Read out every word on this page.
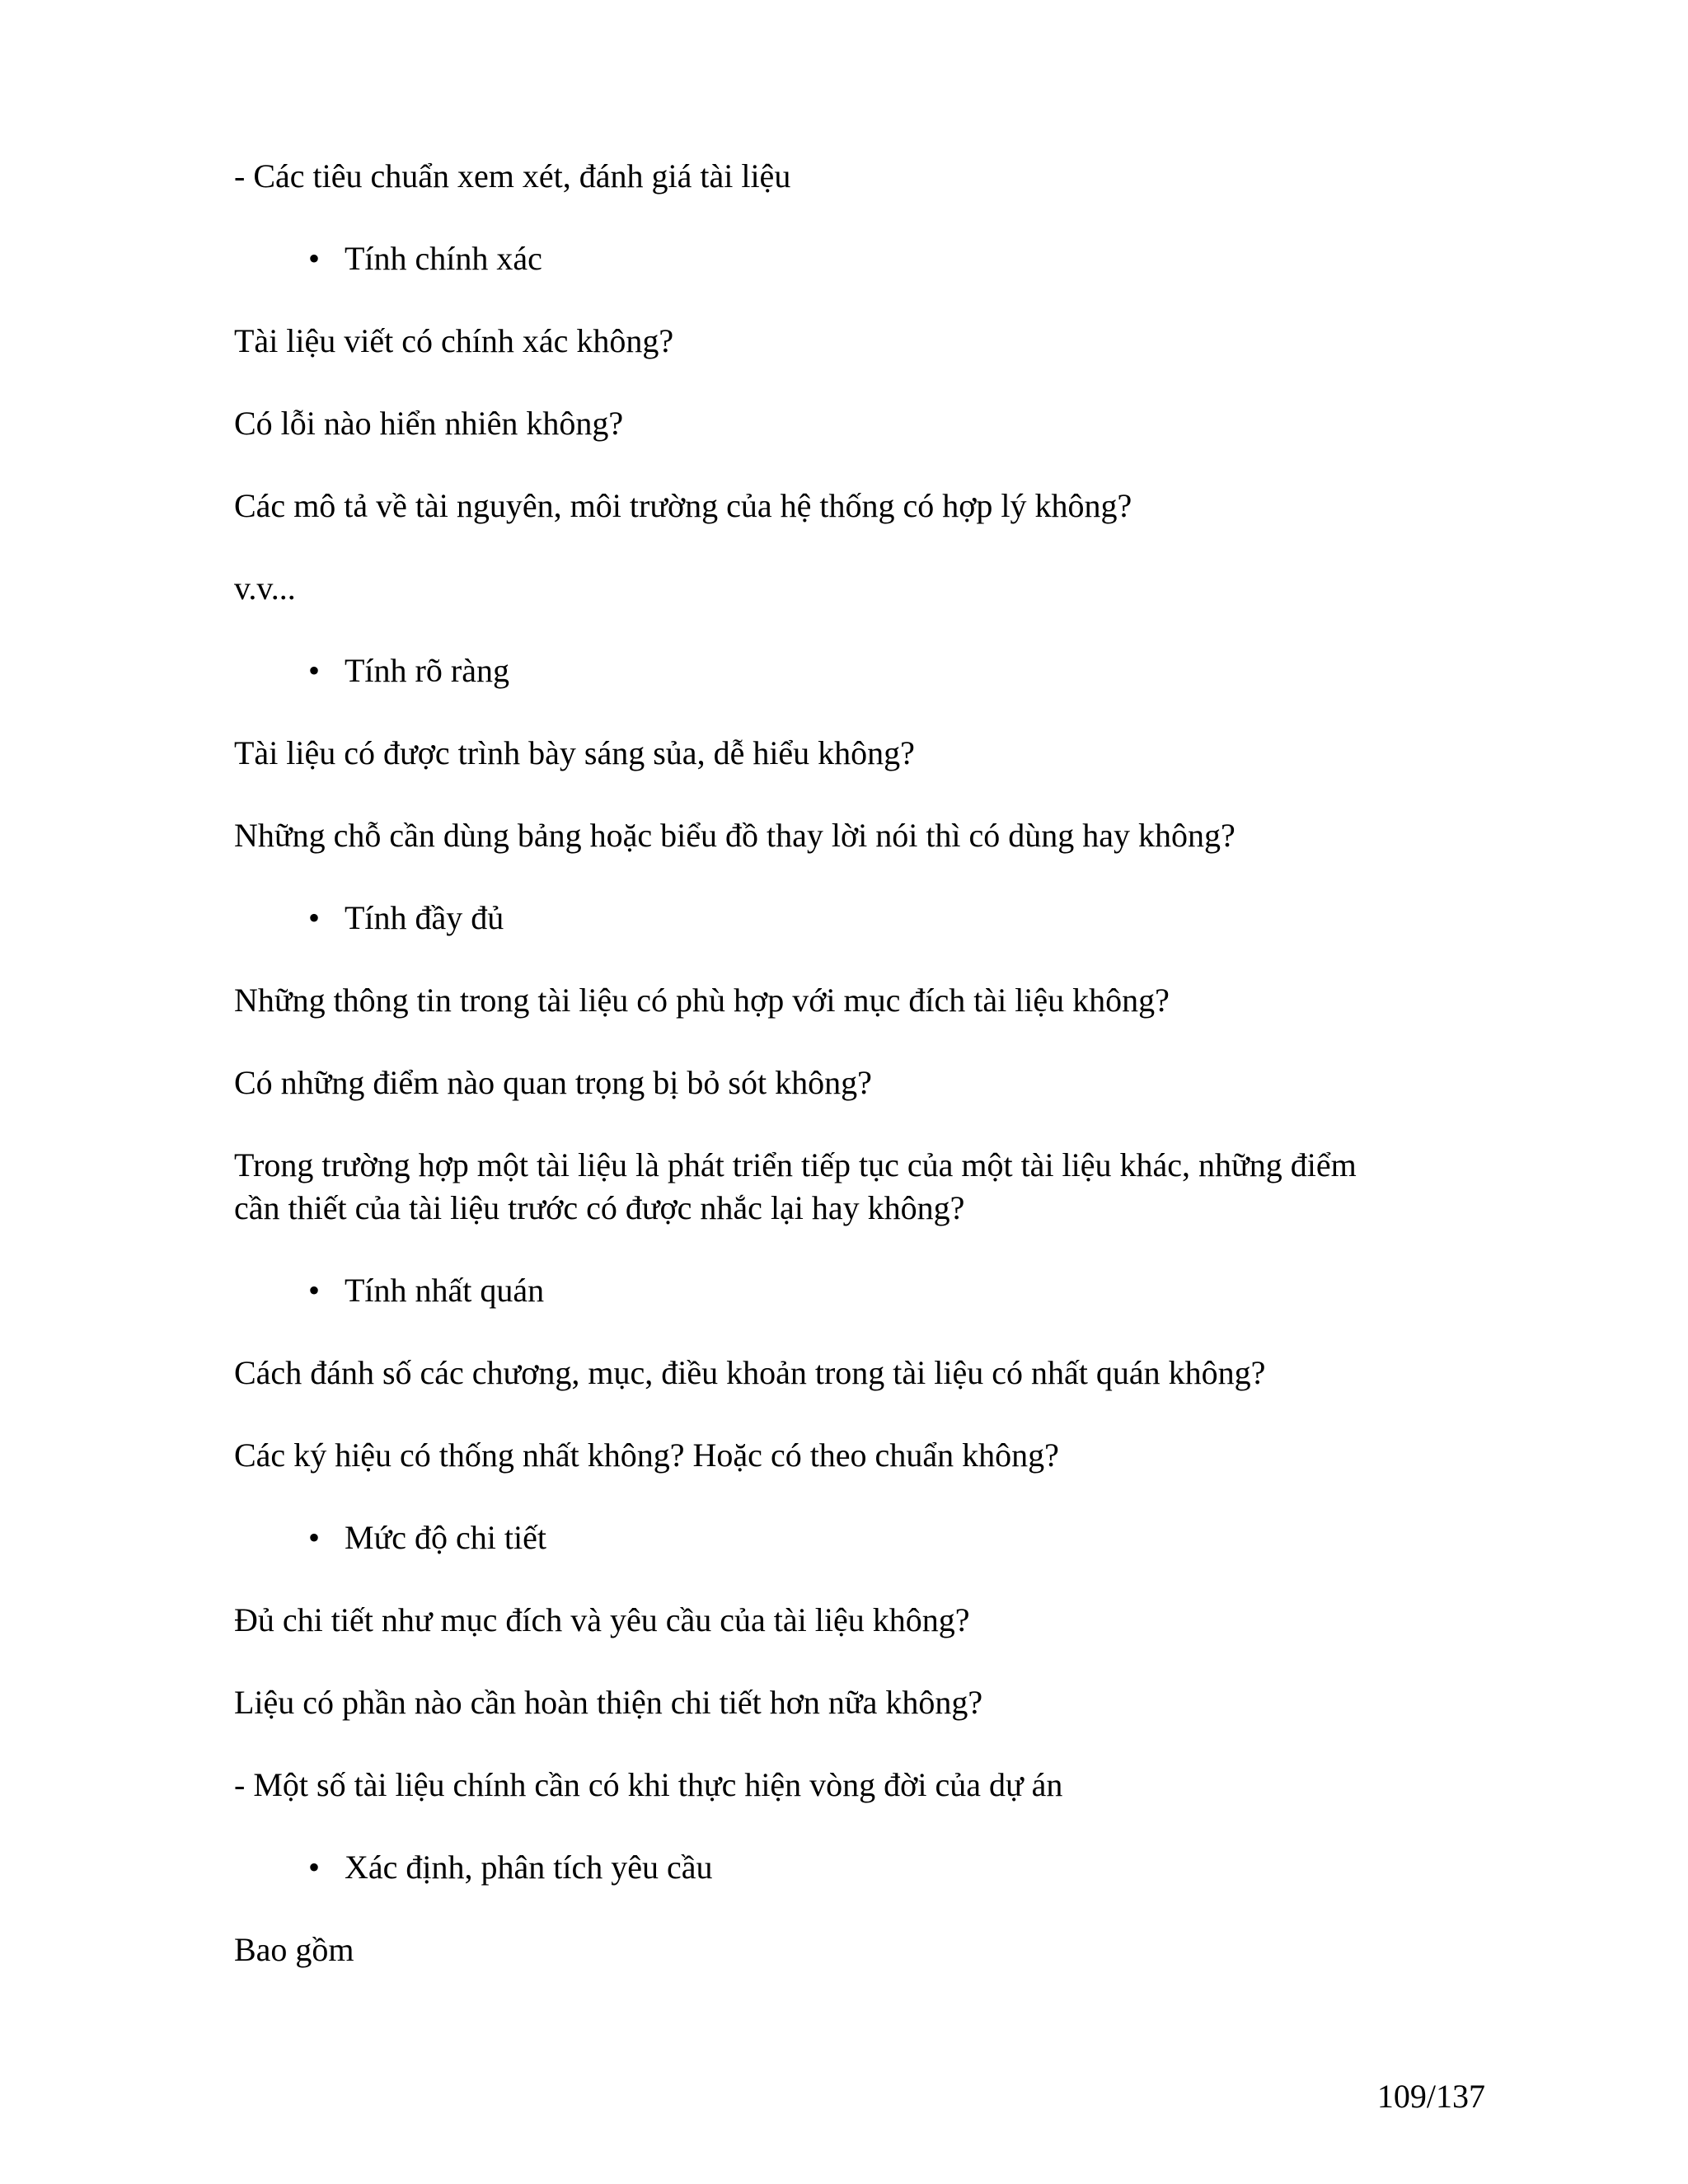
- Các tiêu chuẩn xem xét, đánh giá tài liệu
• Tính chính xác
Tài liệu viết có chính xác không?
Có lỗi nào hiển nhiên không?
Các mô tả về tài nguyên, môi trường của hệ thống có hợp lý không?
v.v...
• Tính rõ ràng
Tài liệu có được trình bày sáng sủa, dễ hiểu không?
Những chỗ cần dùng bảng hoặc biểu đồ thay lời nói thì có dùng hay không?
• Tính đầy đủ
Những thông tin trong tài liệu có phù hợp với mục đích tài liệu không?
Có những điểm nào quan trọng bị bỏ sót không?
Trong trường hợp một tài liệu là phát triển tiếp tục của một tài liệu khác, những điểm
cần thiết của tài liệu trước có được nhắc lại hay không?
• Tính nhất quán
Cách đánh số các chương, mục, điều khoản trong tài liệu có nhất quán không?
Các ký hiệu có thống nhất không? Hoặc có theo chuẩn không?
• Mức độ chi tiết
Đủ chi tiết như mục đích và yêu cầu của tài liệu không?
Liệu có phần nào cần hoàn thiện chi tiết hơn nữa không?
- Một số tài liệu chính cần có khi thực hiện vòng đời của dự án
• Xác định, phân tích yêu cầu
Bao gồm
109/137
